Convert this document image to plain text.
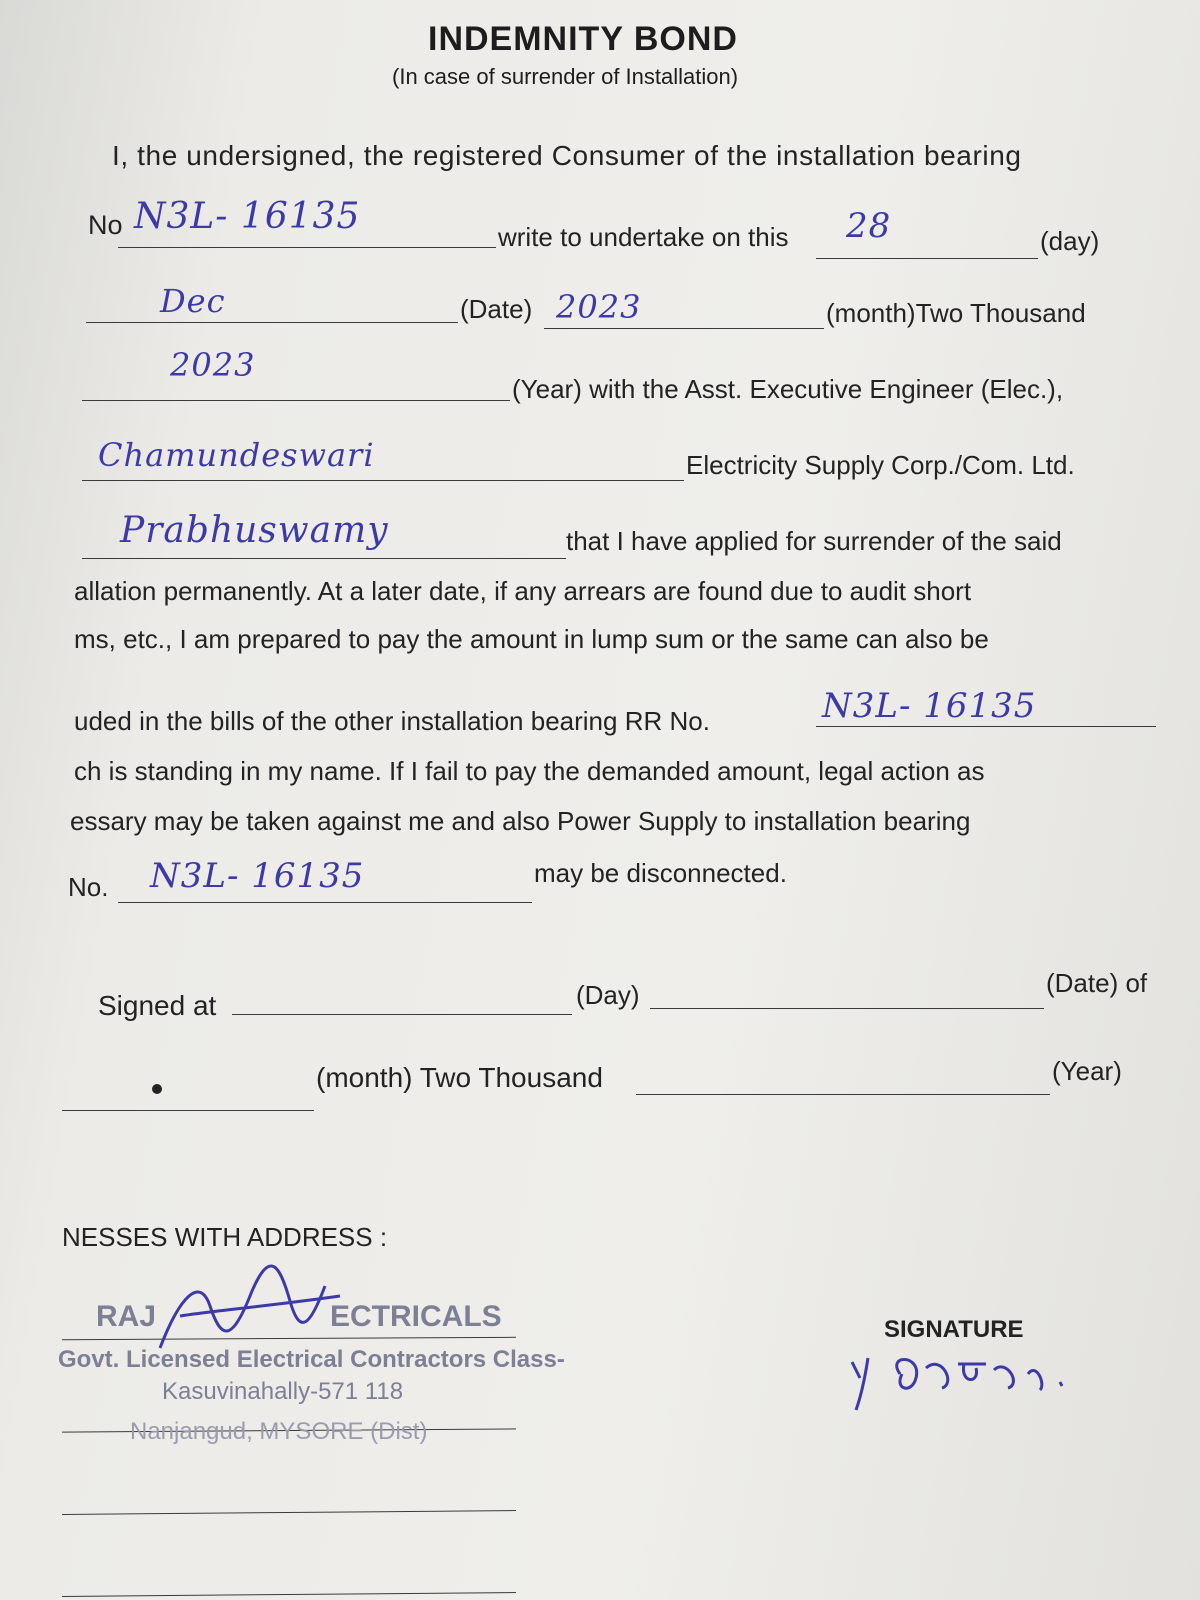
INDEMNITY BOND
(In case of surrender of Installation)
I, the undersigned, the registered Consumer of the installation bearing
No N3L- 16135	write to undertake on this 28	(day)
Dec	(Date) 2023	(month)Two Thousand
2023
(Year) with the Asst. Executive Engineer (Elec.),
Chamundeswari	Electricity Supply Corp./Com. Ltd.
Prabhuswamy	that I have applied for surrender of the said
allation permanently. At a later date, if any arrears are found due to audit short
ms, etc., I am prepared to pay the amount in lump sum or the same can also be
uded in the bills of the other installation bearing RR No.	N3L- 16135
ch is standing in my name. If I fail to pay the demanded amount, legal action as
essary may be taken against me and also Power Supply to installation bearing
No. N3L- 16135	may be disconnected.
Signed at	(Day)	(Date) of
(month) Two Thousand	(Year)
NESSES WITH ADDRESS :
RAJ	ECTRICALS
Govt. Licensed Electrical Contractors Class-
Kasuvinahally-571 118
Nanjangud, MYSORE (Dist)
SIGNATURE
